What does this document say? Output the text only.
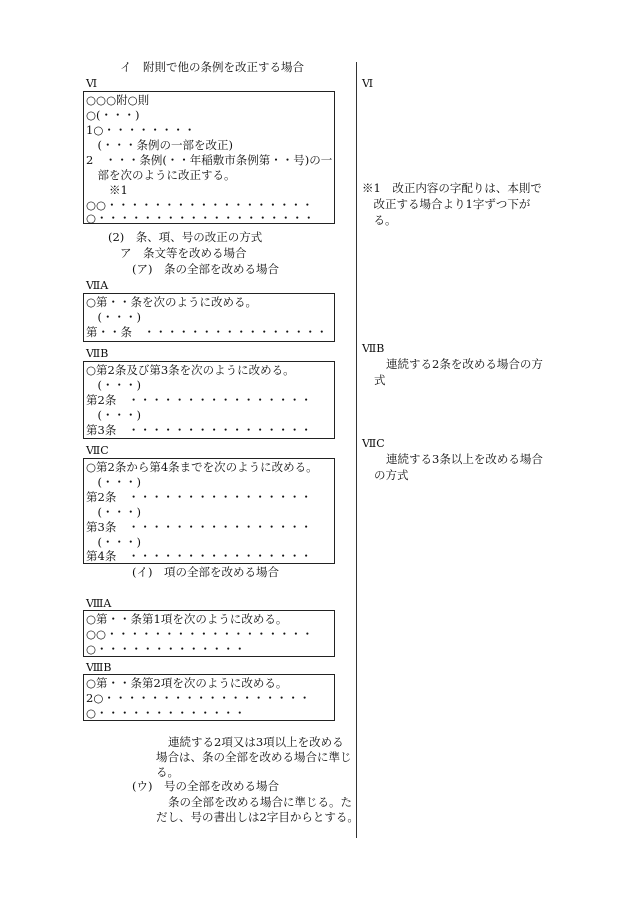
イ　附則で他の条例を改正する場合
Ⅵ
○○○附○則
○(・・・)
1○・・・・・・・・
　(・・・条例の一部を改正)
2　・・・条例(・・年稲敷市条例第・・号)の一
　部を次のように改正する。
　　※1
○○・・・・・・・・・・・・・・・・・・
○・・・・・・・・・・・・・・・・・・・
(2)　条、項、号の改正の方式
ア　条文等を改める場合
(ア)　条の全部を改める場合
ⅦA
○第・・条を次のように改める。
　(・・・)
第・・条　・・・・・・・・・・・・・・・・
ⅦB
○第2条及び第3条を次のように改める。
　(・・・)
第2条　・・・・・・・・・・・・・・・・
　(・・・)
第3条　・・・・・・・・・・・・・・・・
ⅦC
○第2条から第4条までを次のように改める。
　(・・・)
第2条　・・・・・・・・・・・・・・・・
　(・・・)
第3条　・・・・・・・・・・・・・・・・
　(・・・)
第4条　・・・・・・・・・・・・・・・・
(イ)　項の全部を改める場合
ⅧA
○第・・条第1項を次のように改める。
○○・・・・・・・・・・・・・・・・・・
○・・・・・・・・・・・・・
ⅧB
○第・・条第2項を次のように改める。
2○・・・・・・・・・・・・・・・・・・
○・・・・・・・・・・・・・
連続する2項又は3項以上を改める
場合は、条の全部を改める場合に準じ
る。
(ウ)　号の全部を改める場合
条の全部を改める場合に準じる。た
だし、号の書出しは2字目からとする。
Ⅵ
※1　改正内容の字配りは、本則で
　改正する場合より1字ずつ下が
　る。
ⅦB
連続する2条を改める場合の方
式
ⅦC
連続する3条以上を改める場合
の方式
